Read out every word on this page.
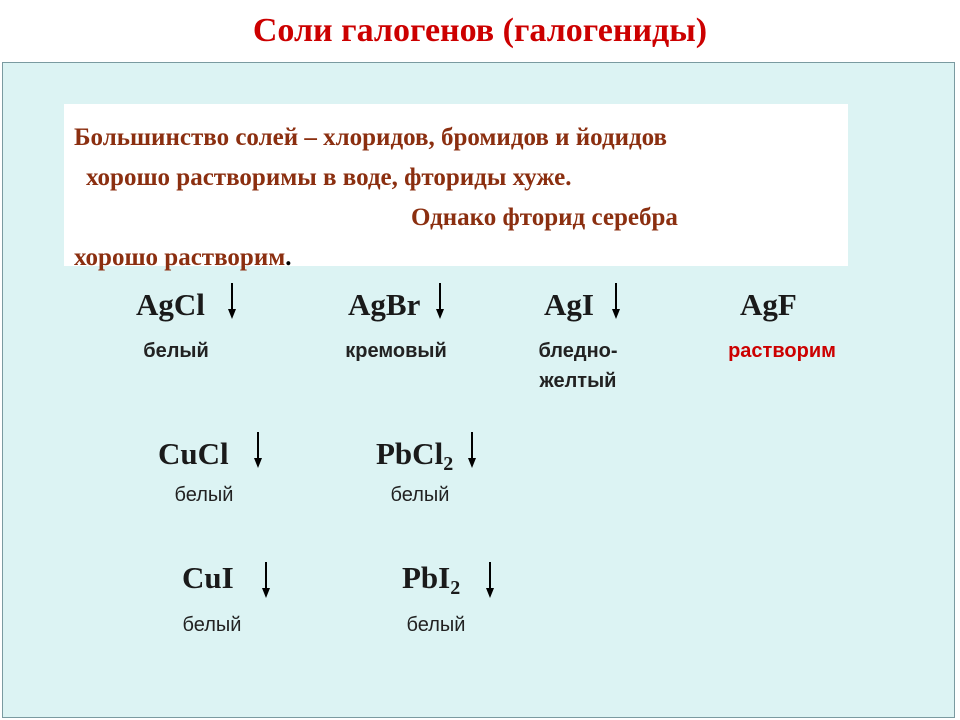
Соли галогенов (галогениды)
Большинство солей – хлоридов, бромидов и йодидов
хорошо растворимы в воде, фториды хуже.
Однако фторид серебра
хорошо растворим.
AgCl
белый
AgBr
кремовый
AgI
бледно-
желтый
AgF
растворим
CuCl
белый
PbCl$_2$
белый
CuI
белый
PbI$_2$
белый
